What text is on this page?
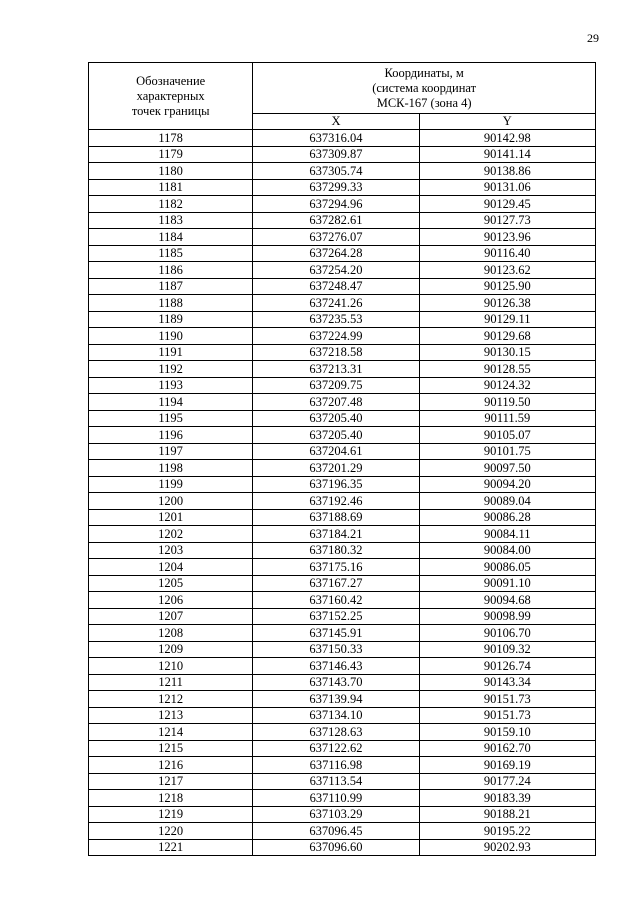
29
Обозначение
характерных
точек границы	Координаты, м
(система координат
МСК-167 (зона 4)	

	X	Y
1178	637316.04	90142.98
1179	637309.87	90141.14
1180	637305.74	90138.86
1181	637299.33	90131.06
1182	637294.96	90129.45
1183	637282.61	90127.73
1184	637276.07	90123.96
1185	637264.28	90116.40
1186	637254.20	90123.62
1187	637248.47	90125.90
1188	637241.26	90126.38
1189	637235.53	90129.11
1190	637224.99	90129.68
1191	637218.58	90130.15
1192	637213.31	90128.55
1193	637209.75	90124.32
1194	637207.48	90119.50
1195	637205.40	90111.59
1196	637205.40	90105.07
1197	637204.61	90101.75
1198	637201.29	90097.50
1199	637196.35	90094.20
1200	637192.46	90089.04
1201	637188.69	90086.28
1202	637184.21	90084.11
1203	637180.32	90084.00
1204	637175.16	90086.05
1205	637167.27	90091.10
1206	637160.42	90094.68
1207	637152.25	90098.99
1208	637145.91	90106.70
1209	637150.33	90109.32
1210	637146.43	90126.74
1211	637143.70	90143.34
1212	637139.94	90151.73
1213	637134.10	90151.73
1214	637128.63	90159.10
1215	637122.62	90162.70
1216	637116.98	90169.19
1217	637113.54	90177.24
1218	637110.99	90183.39
1219	637103.29	90188.21
1220	637096.45	90195.22
1221	637096.60	90202.93
